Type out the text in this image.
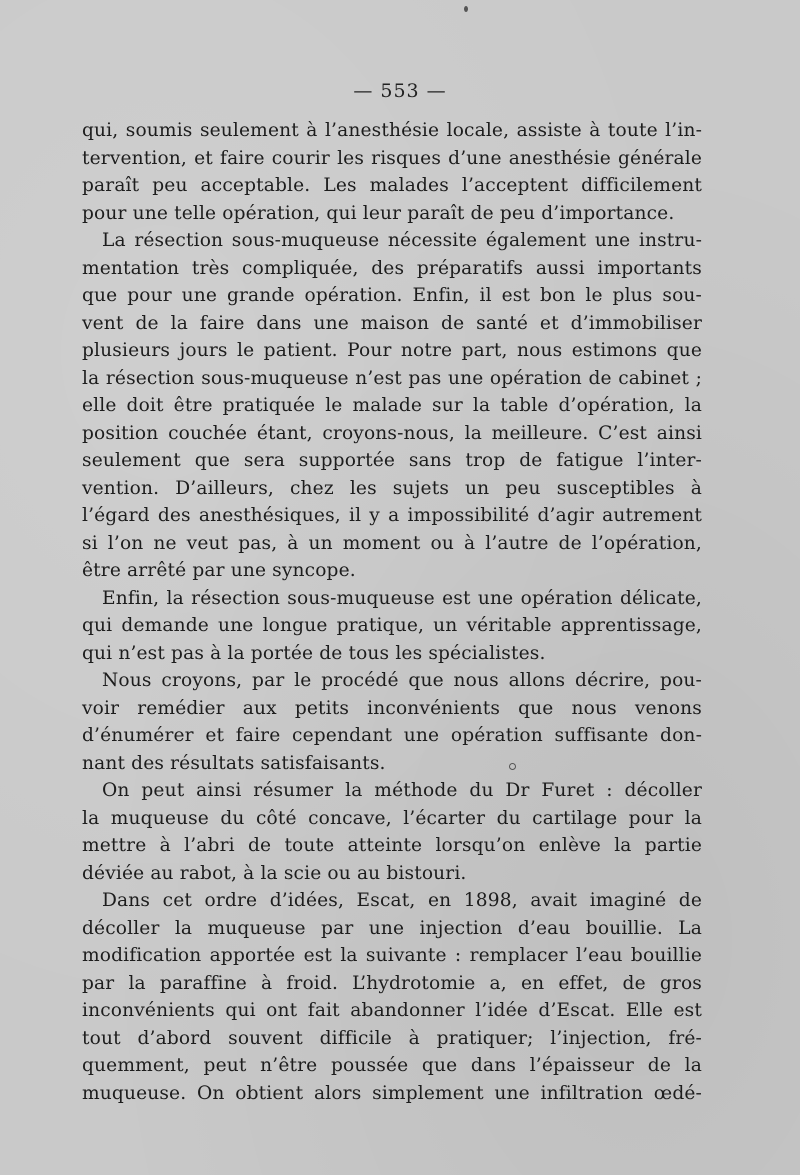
— 553 —
qui, soumis seulement à l’anesthésie locale, assiste à toute l’in-
tervention, et faire courir les risques d’une anesthésie générale
paraît peu acceptable. Les malades l’acceptent difficilement
pour une telle opération, qui leur paraît de peu d’importance.
La résection sous-muqueuse nécessite également une instru-
mentation très compliquée, des préparatifs aussi importants
que pour une grande opération. Enfin, il est bon le plus sou-
vent de la faire dans une maison de santé et d’immobiliser
plusieurs jours le patient. Pour notre part, nous estimons que
la résection sous-muqueuse n’est pas une opération de cabinet ;
elle doit être pratiquée le malade sur la table d’opération, la
position couchée étant, croyons-nous, la meilleure. C’est ainsi
seulement que sera supportée sans trop de fatigue l’inter-
vention. D’ailleurs, chez les sujets un peu susceptibles à
l’égard des anesthésiques, il y a impossibilité d’agir autrement
si l’on ne veut pas, à un moment ou à l’autre de l’opération,
être arrêté par une syncope.
Enfin, la résection sous-muqueuse est une opération délicate,
qui demande une longue pratique, un véritable apprentissage,
qui n’est pas à la portée de tous les spécialistes.
Nous croyons, par le procédé que nous allons décrire, pou-
voir remédier aux petits inconvénients que nous venons
d’énumérer et faire cependant une opération suffisante don-
nant des résultats satisfaisants.
On peut ainsi résumer la méthode du Dr Furet : décoller
la muqueuse du côté concave, l’écarter du cartilage pour la
mettre à l’abri de toute atteinte lorsqu’on enlève la partie
déviée au rabot, à la scie ou au bistouri.
Dans cet ordre d’idées, Escat, en 1898, avait imaginé de
décoller la muqueuse par une injection d’eau bouillie. La
modification apportée est la suivante : remplacer l’eau bouillie
par la paraffine à froid. L’hydrotomie a, en effet, de gros
inconvénients qui ont fait abandonner l’idée d’Escat. Elle est
tout d’abord souvent difficile à pratiquer; l’injection, fré-
quemment, peut n’être poussée que dans l’épaisseur de la
muqueuse. On obtient alors simplement une infiltration œdé-
